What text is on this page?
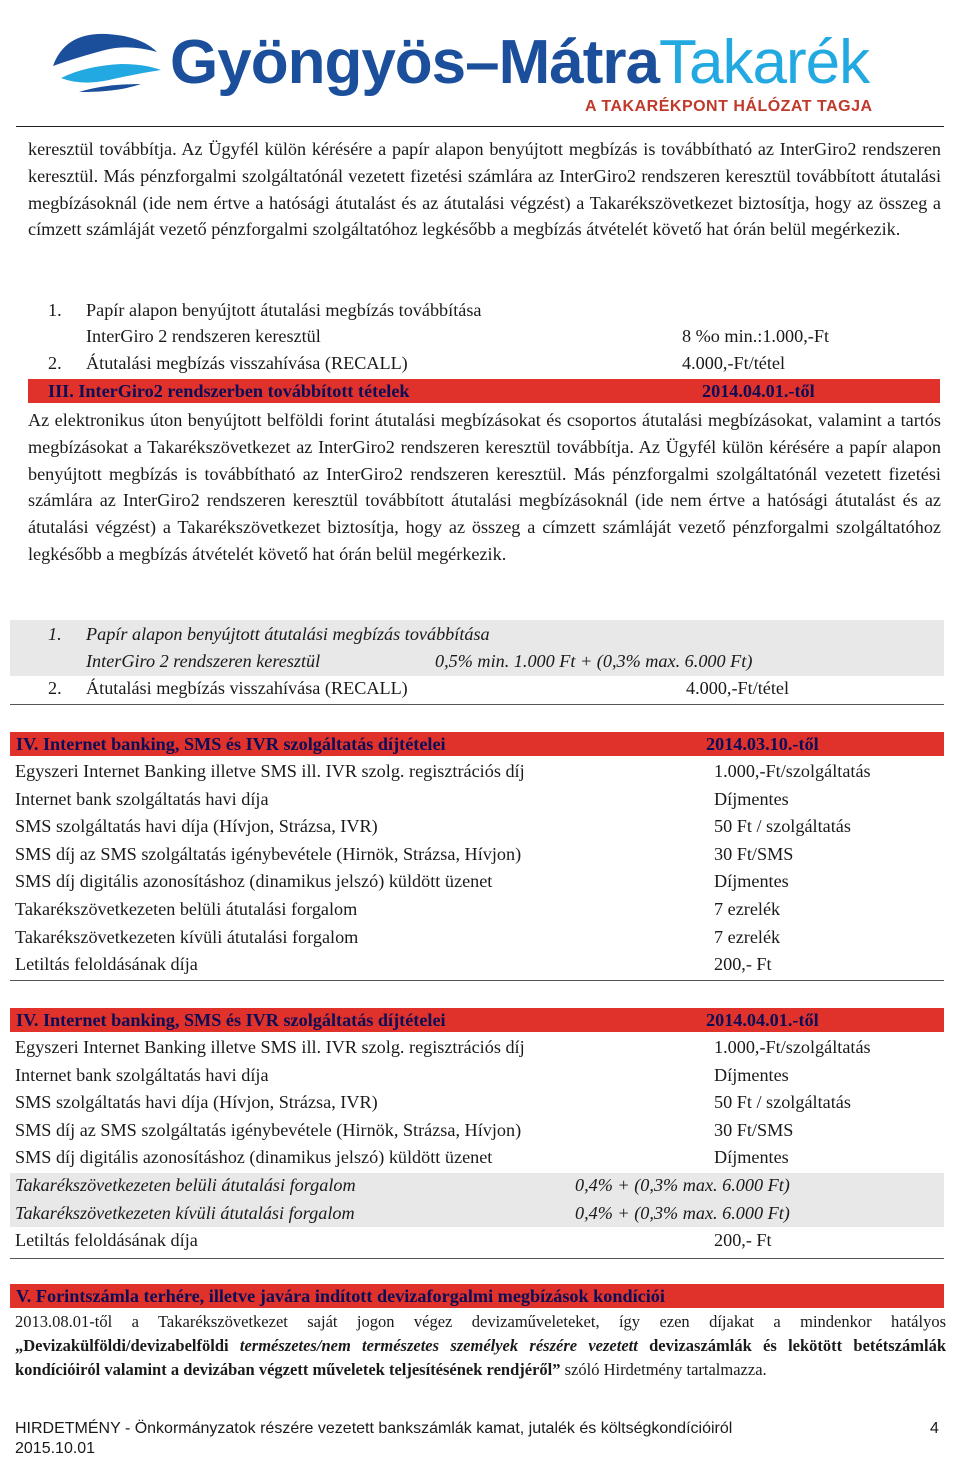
Gyöngyös–MátraTakarék
A TAKARÉKPONT HÁLÓZAT TAGJA
keresztül továbbítja. Az Ügyfél külön kérésére a papír alapon benyújtott megbízás is továbbítható az InterGiro2 rendszeren keresztül. Más pénzforgalmi szolgáltatónál vezetett fizetési számlára az InterGiro2 rendszeren keresztül továbbított átutalási megbízásoknál (ide nem értve a hatósági átutalást és az átutalási végzést) a Takarékszövetkezet biztosítja, hogy az összeg a címzett számláját vezető pénzforgalmi szolgáltatóhoz legkésőbb a megbízás átvételét követő hat órán belül megérkezik.
1. Papír alapon benyújtott átutalási megbízás továbbítása
InterGiro 2 rendszeren keresztül	8 %o min.:1.000,-Ft
2. Átutalási megbízás visszahívása (RECALL)	4.000,-Ft/tétel
III. InterGiro2 rendszerben továbbított tételek	2014.04.01.-től
Az elektronikus úton benyújtott belföldi forint átutalási megbízásokat és csoportos átutalási megbízásokat, valamint a tartós megbízásokat a Takarékszövetkezet az InterGiro2 rendszeren keresztül továbbítja. Az Ügyfél külön kérésére a papír alapon benyújtott megbízás is továbbítható az InterGiro2 rendszeren keresztül. Más pénzforgalmi szolgáltatónál vezetett fizetési számlára az InterGiro2 rendszeren keresztül továbbított átutalási megbízásoknál (ide nem értve a hatósági átutalást és az átutalási végzést) a Takarékszövetkezet biztosítja, hogy az összeg a címzett számláját vezető pénzforgalmi szolgáltatóhoz legkésőbb a megbízás átvételét követő hat órán belül megérkezik.
1. Papír alapon benyújtott átutalási megbízás továbbítása
InterGiro 2 rendszeren keresztül	0,5% min. 1.000 Ft + (0,3% max. 6.000 Ft)
2. Átutalási megbízás visszahívása (RECALL)	4.000,-Ft/tétel
IV. Internet banking, SMS és IVR szolgáltatás díjtételei	2014.03.10.-től
Egyszeri Internet Banking illetve SMS ill. IVR szolg. regisztrációs díj	1.000,-Ft/szolgáltatás
Internet bank szolgáltatás havi díja	Díjmentes
SMS szolgáltatás havi díja (Hívjon, Strázsa, IVR)	50 Ft / szolgáltatás
SMS díj az SMS szolgáltatás igénybevétele (Hirnök, Strázsa, Hívjon)	30 Ft/SMS
SMS díj digitális azonosításhoz (dinamikus jelszó) küldött üzenet	Díjmentes
Takarékszövetkezeten belüli átutalási forgalom	7 ezrelék
Takarékszövetkezeten kívüli átutalási forgalom	7 ezrelék
Letiltás feloldásának díja	200,- Ft
IV. Internet banking, SMS és IVR szolgáltatás díjtételei	2014.04.01.-től
Egyszeri Internet Banking illetve SMS ill. IVR szolg. regisztrációs díj	1.000,-Ft/szolgáltatás
Internet bank szolgáltatás havi díja	Díjmentes
SMS szolgáltatás havi díja (Hívjon, Strázsa, IVR)	50 Ft / szolgáltatás
SMS díj az SMS szolgáltatás igénybevétele (Hirnök, Strázsa, Hívjon)	30 Ft/SMS
SMS díj digitális azonosításhoz (dinamikus jelszó) küldött üzenet	Díjmentes
Takarékszövetkezeten belüli átutalási forgalom	0,4% + (0,3% max. 6.000 Ft)
Takarékszövetkezeten kívüli átutalási forgalom	0,4% + (0,3% max. 6.000 Ft)
Letiltás feloldásának díja	200,- Ft
V. Forintszámla terhére, illetve javára indított devizaforgalmi megbízások kondíciói
2013.08.01-től a Takarékszövetkezet saját jogon végez devizaműveleteket, így ezen díjakat a mindenkor hatályos „Devizakülföldi/devizabelföldi természetes/nem természetes személyek részére vezetett devizaszámlák és lekötött betétszámlák kondícióiról valamint a devizában végzett műveletek teljesítésének rendjéről” szóló Hirdetmény tartalmazza.
HIRDETMÉNY - Önkormányzatok részére vezetett bankszámlák kamat, jutalék és költségkondícióiról	4
2015.10.01
